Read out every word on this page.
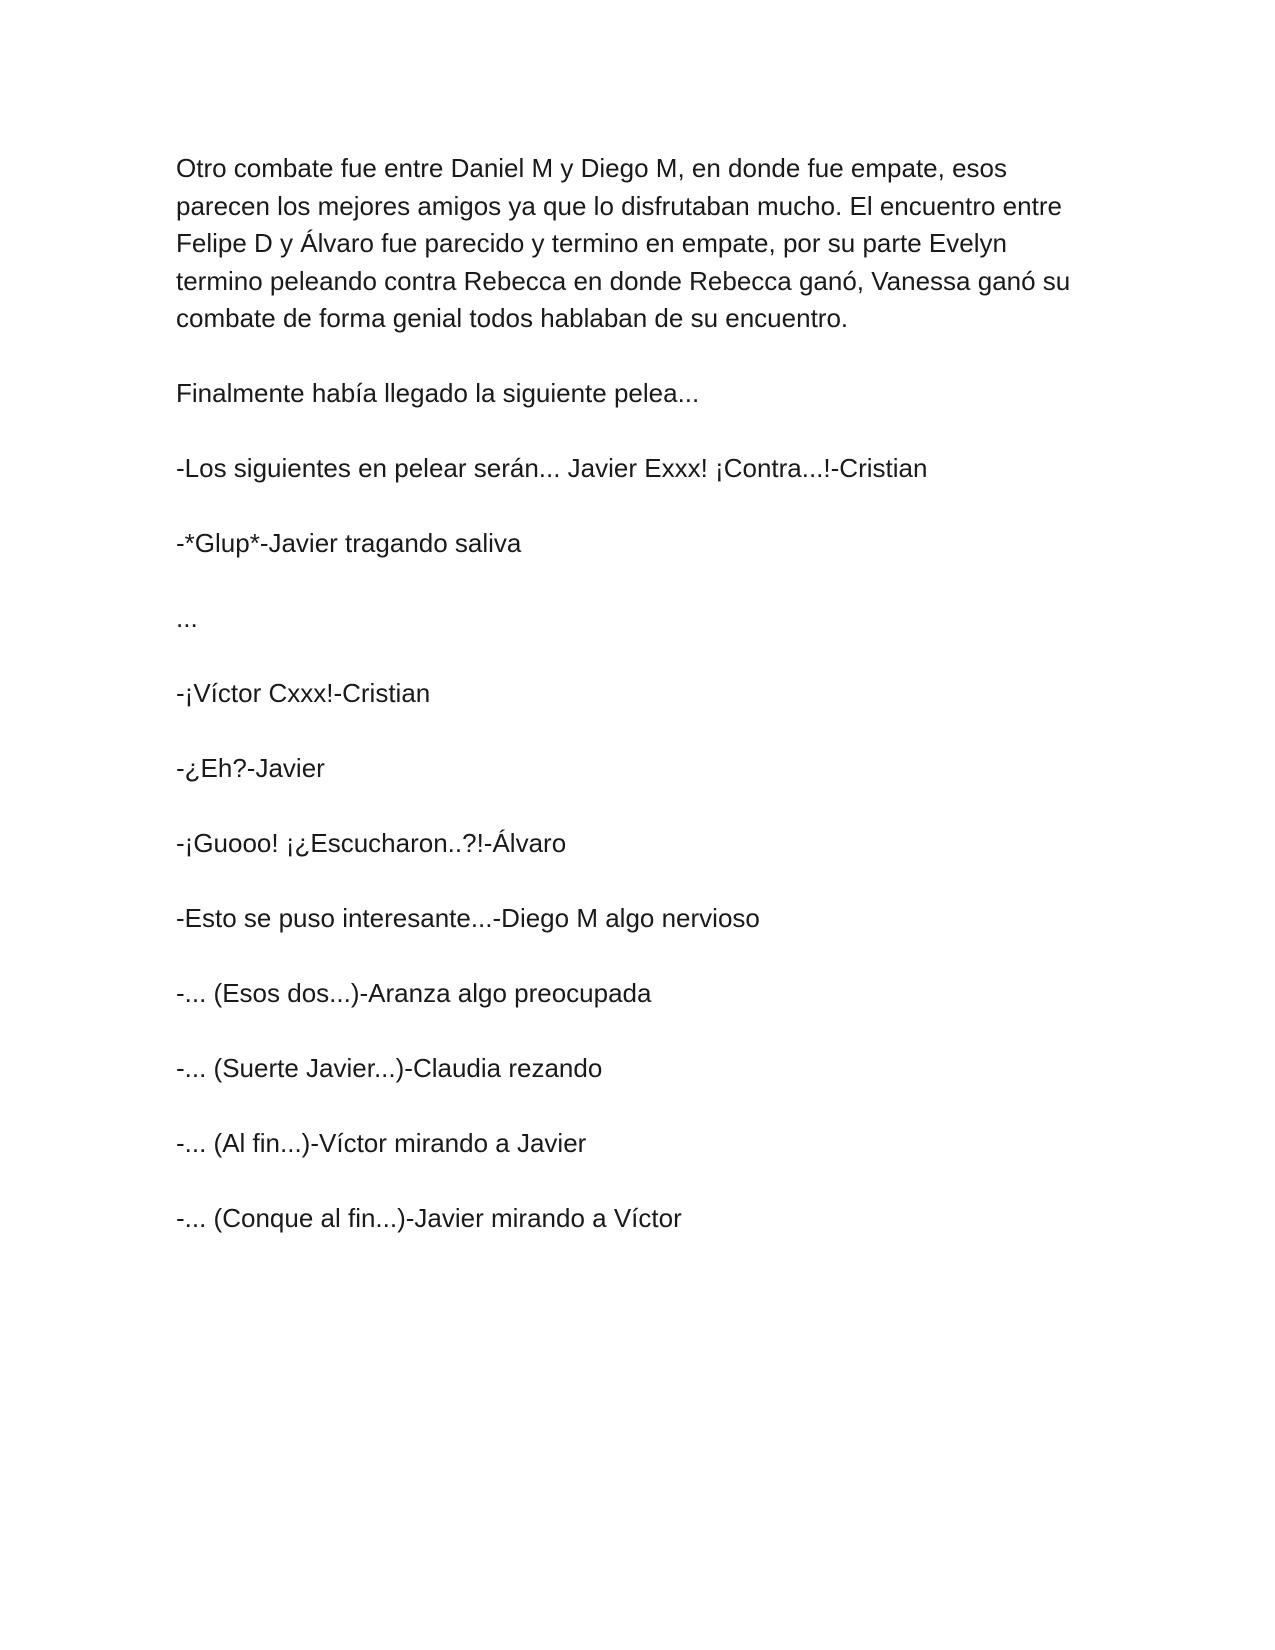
Otro combate fue entre Daniel M y Diego M, en donde fue empate, esos parecen los mejores amigos ya que lo disfrutaban mucho. El encuentro entre Felipe D y Álvaro fue parecido y termino en empate, por su parte Evelyn termino peleando contra Rebecca en donde Rebecca ganó, Vanessa ganó su combate de forma genial todos hablaban de su encuentro.

Finalmente había llegado la siguiente pelea...

-Los siguientes en pelear serán... Javier Exxx! ¡Contra...!-Cristian

-*Glup*-Javier tragando saliva

...

-¡Víctor Cxxx!-Cristian

-¿Eh?-Javier

-¡Guooo! ¡¿Escucharon..?!-Álvaro

-Esto se puso interesante...-Diego M algo nervioso

-... (Esos dos...)-Aranza algo preocupada

-... (Suerte Javier...)-Claudia rezando

-... (Al fin...)-Víctor mirando a Javier

-... (Conque al fin...)-Javier mirando a Víctor
